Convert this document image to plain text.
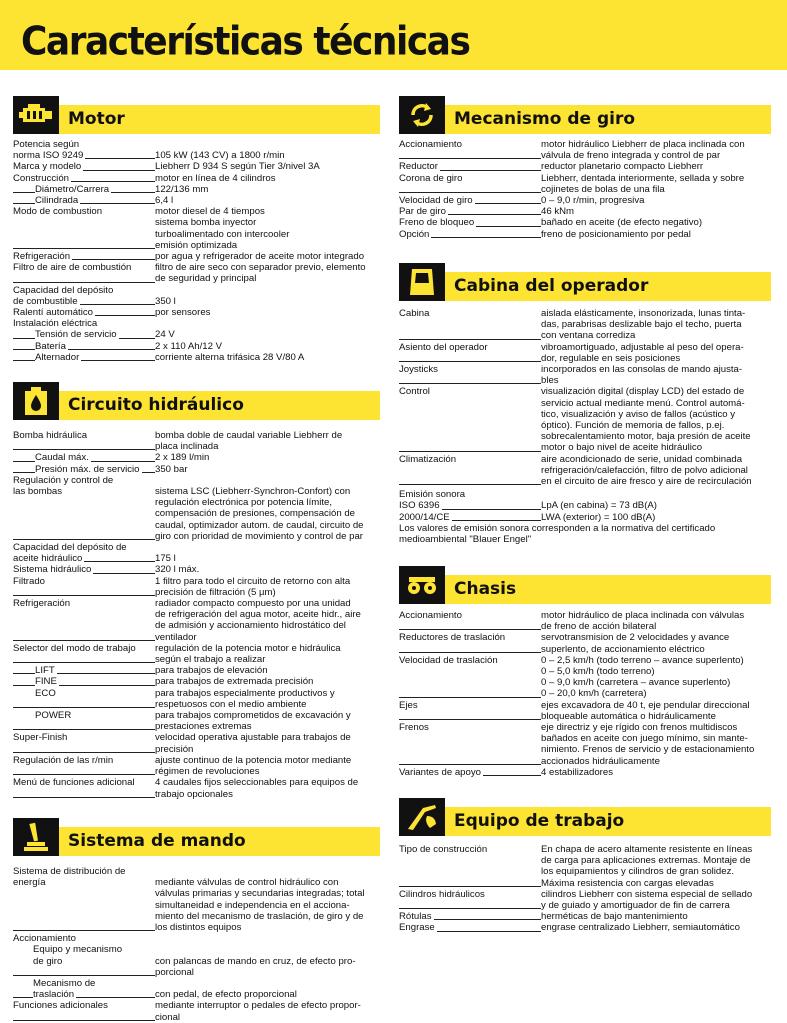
Características técnicas
Motor
Potencia según
norma ISO 9249	105 kW (143 CV) a 1800 r/min
Marca y modelo	Liebherr D 934 S según Tier 3/nivel 3A
Construcción	motor en línea de 4 cilindros
Diámetro/Carrera	122/136 mm
Cilindrada	6,4 l
Modo de combustion	motor diesel de 4 tiempos
sistema bomba inyector
turboalimentado con intercooler
emisión optimizada
Refrigeración	por agua y refrigerador de aceite motor integrado
Filtro de aire de combustión	filtro de aire seco con separador previo, elemento
de seguridad y principal
Capacidad del depósito
de combustible	350 l
Ralentí automático	por sensores
Instalación eléctrica
Tensión de servicio	24 V
Batería	2 x 110 Ah/12 V
Alternador	corriente alterna trifásica 28 V/80 A
Circuito hidráulico
Bomba hidráulica	bomba doble de caudal variable Liebherr de
placa inclinada
Caudal máx.	2 x 189 l/min
Presión máx. de servicio	350 bar
Regulación y control de
las bombas	sistema LSC (Liebherr-Synchron-Confort) con
regulación electrónica por potencia límite,
compensación de presiones, compensación de
caudal, optimizador autom. de caudal, circuito de
giro con prioridad de movimiento y control de par
Capacidad del depósito de
aceite hidráulico	175 l
Sistema hidráulico	320 l máx.
Filtrado	1 filtro para todo el circuito de retorno con alta
precisión de filtración (5 µm)
Refrigeración	radiador compacto compuesto por una unidad
de refrigeración del agua motor, aceite hidr., aire
de admisión y accionamiento hidrostático del
ventilador
Selector del modo de trabajo	regulación de la potencia motor e hidráulica
según el trabajo a realizar
LIFT	para trabajos de elevación
FINE	para trabajos de extremada precisión
ECO	para trabajos especialmente productivos y
respetuosos con el medio ambiente
POWER	para trabajos comprometidos de excavación y
prestaciones extremas
Super-Finish	velocidad operativa ajustable para trabajos de
precisión
Regulación de las r/min	ajuste continuo de la potencia motor mediante
régimen de revoluciones
Menú de funciones adicional	4 caudales fijos seleccionables para equipos de
trabajo opcionales
Sistema de mando
Sistema de distribución de
energía	mediante válvulas de control hidráulico con
válvulas primarias y secundarias integradas; total
simultaneidad e independencia en el acciona-
miento del mecanismo de traslación, de giro y de
los distintos equipos
Accionamiento
Equipo y mecanismo
de giro	con palancas de mando en cruz, de efecto pro-
porcional
Mecanismo de
traslación	con pedal, de efecto proporcional
Funciones adicionales	mediante interruptor o pedales de efecto propor-
cional
Mecanismo de giro
Accionamiento	motor hidráulico Liebherr de placa inclinada con
válvula de freno integrada y control de par
Reductor	reductor planetario compacto Liebherr
Corona de giro	Liebherr, dentada interiormente, sellada y sobre
cojinetes de bolas de una fila
Velocidad de giro	0 – 9,0 r/min, progresiva
Par de giro	46 kNm
Freno de bloqueo	bañado en aceite (de efecto negativo)
Opción	freno de posicionamiento por pedal
Cabina del operador
Cabina	aislada elásticamente, insonorizada, lunas tinta-
das, parabrisas deslizable bajo el techo, puerta
con ventana corrediza
Asiento del operador	vibroamortiguado, adjustable al peso del opera-
dor, regulable en seis posiciones
Joysticks	incorporados en las consolas de mando ajusta-
bles
Control	visualización digital (display LCD) del estado de
servicio actual mediante menú. Control automá-
tico, visualización y aviso de fallos (acústico y
óptico). Función de memoria de fallos, p.ej.
sobrecalentamiento motor, baja presión de aceite
motor o bajo nivel de aceite hidráulico
Climatización	aire acondicionado de serie, unidad combinada
refrigeración/calefacción, filtro de polvo adicional
en el circuito de aire fresco y aire de recirculación
Emisión sonora
ISO 6396	LpA (en cabina) = 73 dB(A)
2000/14/CE	LWA (exterior) = 100 dB(A)
Los valores de emisión sonora corresponden a la normativa del certificado
medioambiental "Blauer Engel"
Chasis
Accionamiento	motor hidráulico de placa inclinada con válvulas
de freno de acción bilateral
Reductores de traslación	servotransmision de 2 velocidades y avance
superlento, de accionamiento eléctrico
Velocidad de traslación	0 – 2,5 km/h (todo terreno – avance superlento)
0 – 5,0 km/h (todo terreno)
0 – 9,0 km/h (carretera – avance superlento)
0 – 20,0 km/h (carretera)
Ejes	ejes excavadora de 40 t, eje pendular direccional
bloqueable automática o hidráulicamente
Frenos	eje directriz y eje rígido con frenos multidiscos
bañados en aceite con juego mínimo, sin mante-
nimiento. Frenos de servicio y de estacionamiento
accionados hidráulicamente
Variantes de apoyo	4 estabilizadores
Equipo de trabajo
Tipo de construcción	En chapa de acero altamente resistente en líneas
de carga para aplicaciones extremas. Montaje de
los equipamientos y cilindros de gran solidez.
Máxima resistencia con cargas elevadas
Cilindros hidráulicos	cilindros Liebherr con sistema especial de sellado
y de guiado y amortiguador de fin de carrera
Rótulas	herméticas de bajo mantenimiento
Engrase	engrase centralizado Liebherr, semiautomático
